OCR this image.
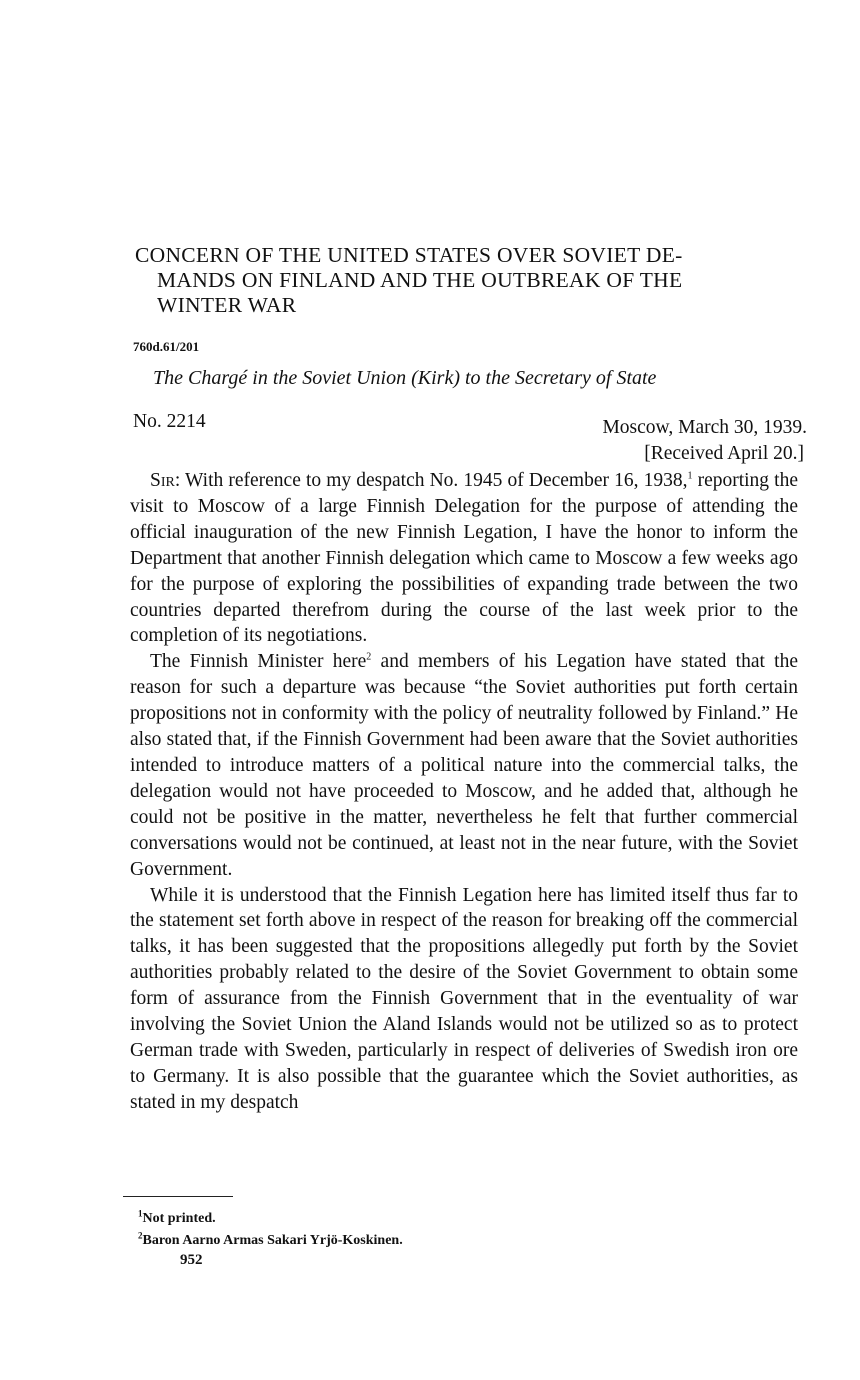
CONCERN OF THE UNITED STATES OVER SOVIET DE-
MANDS ON FINLAND AND THE OUTBREAK OF THE
WINTER WAR
760d.61/201
The Chargé in the Soviet Union (Kirk) to the Secretary of State
No. 2214	Moscow, March 30, 1939.
[Received April 20.]

Sir: With reference to my despatch No. 1945 of December 16, 1938,$^1$ reporting the visit to Moscow of a large Finnish Delegation for the purpose of attending the official inauguration of the new Finnish Legation, I have the honor to inform the Department that another Finnish delegation which came to Moscow a few weeks ago for the purpose of exploring the possibilities of expanding trade between the two countries departed therefrom during the course of the last week prior to the completion of its negotiations.

The Finnish Minister here$^2$ and members of his Legation have stated that the reason for such a departure was because “the Soviet authorities put forth certain propositions not in conformity with the policy of neutrality followed by Finland.” He also stated that, if the Finnish Government had been aware that the Soviet authorities intended to introduce matters of a political nature into the commercial talks, the delegation would not have proceeded to Moscow, and he added that, although he could not be positive in the matter, nevertheless he felt that further commercial conversations would not be continued, at least not in the near future, with the Soviet Government.

While it is understood that the Finnish Legation here has limited itself thus far to the statement set forth above in respect of the reason for breaking off the commercial talks, it has been suggested that the propositions allegedly put forth by the Soviet authorities probably related to the desire of the Soviet Government to obtain some form of assurance from the Finnish Government that in the eventuality of war involving the Soviet Union the Aland Islands would not be utilized so as to protect German trade with Sweden, particularly in respect of deliveries of Swedish iron ore to Germany. It is also possible that the guarantee which the Soviet authorities, as stated in my despatch

$^1$Not printed.
$^2$Baron Aarno Armas Sakari Yrjö-Koskinen.
952
